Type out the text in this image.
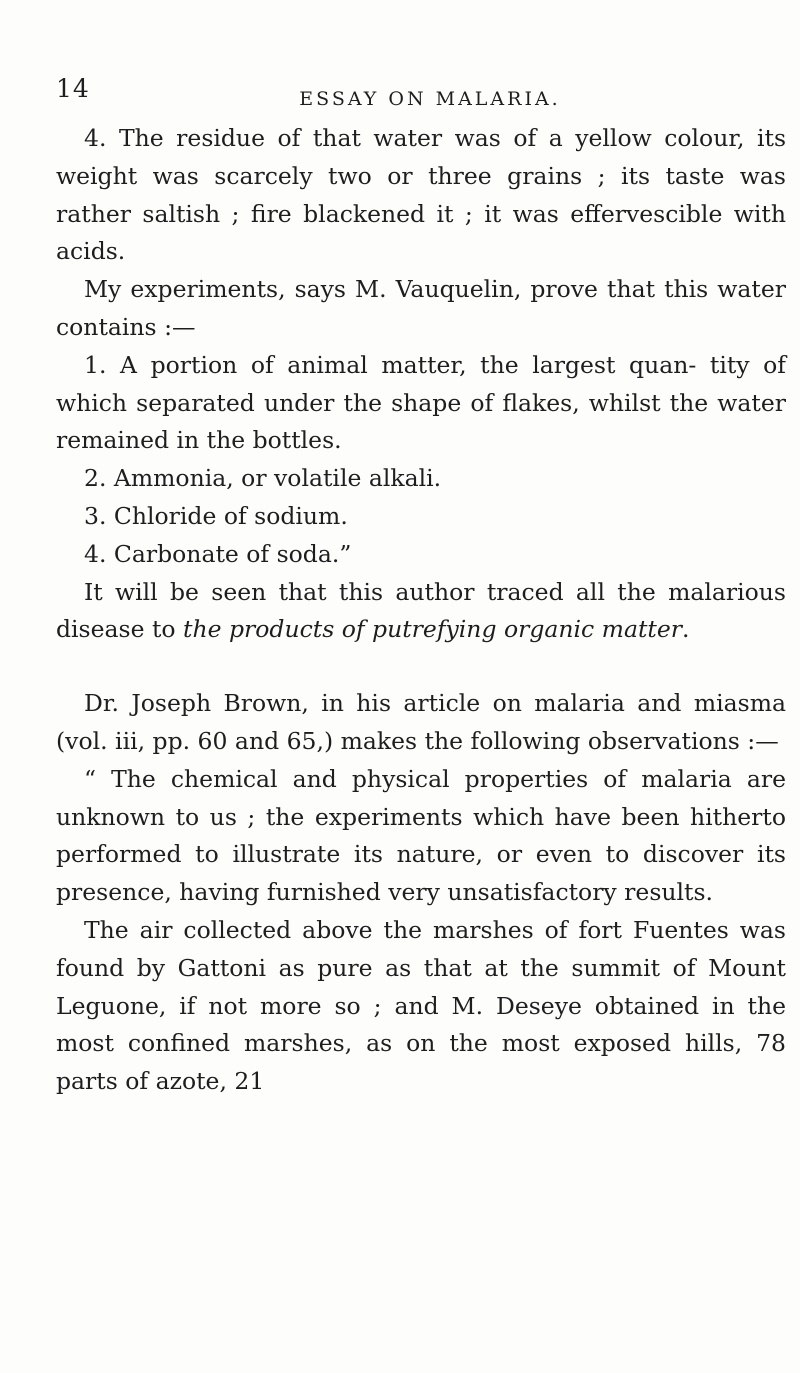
14	ESSAY ON MALARIA.

4. The residue of that water was of a yellow colour, its weight was scarcely two or three grains ; its taste was rather saltish ; fire blackened it ; it was effervescible with acids.

My experiments, says M. Vauquelin, prove that this water contains :—

1. A portion of animal matter, the largest quan- tity of which separated under the shape of flakes, whilst the water remained in the bottles.

2. Ammonia, or volatile alkali.

3. Chloride of sodium.

4. Carbonate of soda.”

It will be seen that this author traced all the malarious disease to the products of putrefying organic matter.

Dr. Joseph Brown, in his article on malaria and miasma (vol. iii, pp. 60 and 65,) makes the following observations :—

“ The chemical and physical properties of malaria are unknown to us ; the experiments which have been hitherto performed to illustrate its nature, or even to discover its presence, having furnished very unsatisfactory results.

The air collected above the marshes of fort Fuentes was found by Gattoni as pure as that at the summit of Mount Leguone, if not more so ; and M. Deseye obtained in the most confined marshes, as on the most exposed hills, 78 parts of azote, 21
